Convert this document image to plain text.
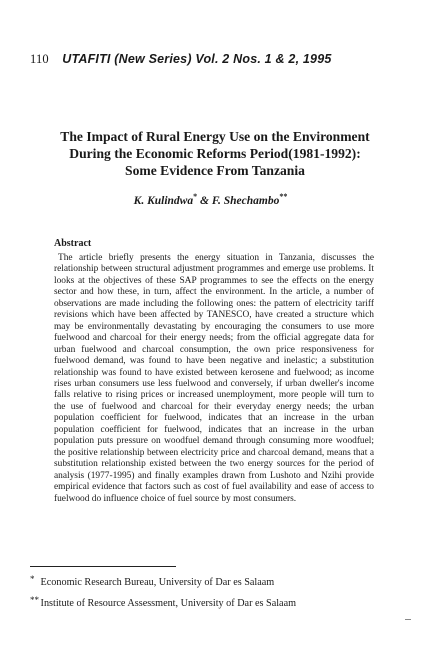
110 UTAFITI (New Series) Vol. 2 Nos. 1 & 2, 1995
The Impact of Rural Energy Use on the Environment
During the Economic Reforms Period(1981-1992):
Some Evidence From Tanzania
K. Kulindwa* & F. Shechambo**
Abstract
The article briefly presents the energy situation in Tanzania, discusses the relationship between structural adjustment programmes and emerge use problems. It looks at the objectives of these SAP programmes to see the effects on the energy sector and how these, in turn, affect the environment. In the article, a number of observations are made including the following ones: the pattern of electricity tariff revisions which have been affected by TANESCO, have created a structure which may be environmentally devastating by encouraging the consumers to use more fuelwood and charcoal for their energy needs; from the official aggregate data for urban fuelwood and charcoal consumption, the own price responsiveness for fuelwood demand, was found to have been negative and inelastic; a substitution relationship was found to have existed between kerosene and fuelwood; as income rises urban consumers use less fuelwood and conversely, if urban dweller's income falls relative to rising prices or increased unemployment, more people will turn to the use of fuelwood and charcoal for their everyday energy needs; the urban population coefficient for fuelwood, indicates that an increase in the urban population coefficient for fuelwood, indicates that an increase in the urban population puts pressure on woodfuel demand through consuming more woodfuel; the positive relationship between electricity price and charcoal demand, means that a substitution relationship existed between the two energy sources for the period of analysis (1977-1995) and finally examples drawn from Lushoto and Nzihi provide empirical evidence that factors such as cost of fuel availability and ease of access to fuelwood do influence choice of fuel source by most consumers.
* Economic Research Bureau, University of Dar es Salaam
** Institute of Resource Assessment, University of Dar es Salaam
